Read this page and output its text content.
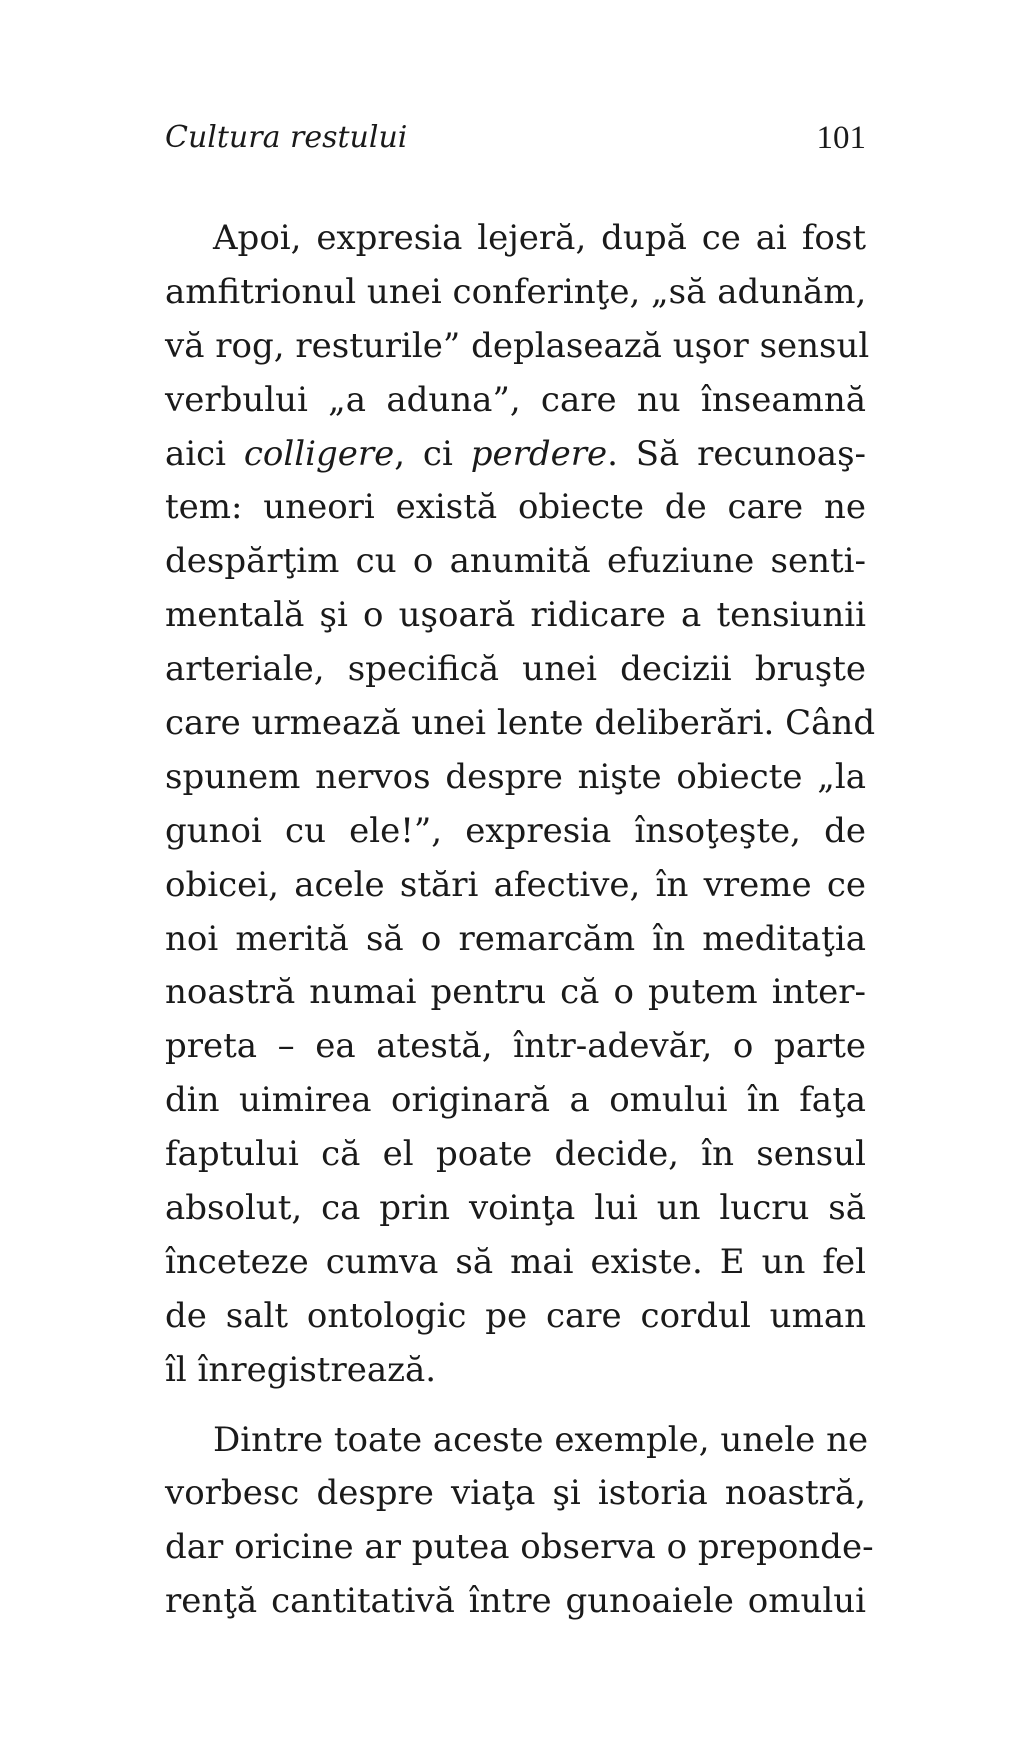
Cultura restului	101
Apoi, expresia lejeră, după ce ai fost
amfitrionul unei conferinţe, „să adunăm,
vă rog, resturile” deplasează uşor sensul
verbului „a aduna”, care nu înseamnă
aici colligere, ci perdere. Să recunoaş-
tem: uneori există obiecte de care ne
despărţim cu o anumită efuziune senti-
mentală şi o uşoară ridicare a tensiunii
arteriale, specifică unei decizii bruşte
care urmează unei lente deliberări. Când
spunem nervos despre nişte obiecte „la
gunoi cu ele!”, expresia însoţeşte, de
obicei, acele stări afective, în vreme ce
noi merită să o remarcăm în meditaţia
noastră numai pentru că o putem inter-
preta – ea atestă, într-adevăr, o parte
din uimirea originară a omului în faţa
faptului că el poate decide, în sensul
absolut, ca prin voinţa lui un lucru să
înceteze cumva să mai existe. E un fel
de salt ontologic pe care cordul uman
îl înregistrează.
Dintre toate aceste exemple, unele ne
vorbesc despre viaţa şi istoria noastră,
dar oricine ar putea observa o preponde-
renţă cantitativă între gunoaiele omului
